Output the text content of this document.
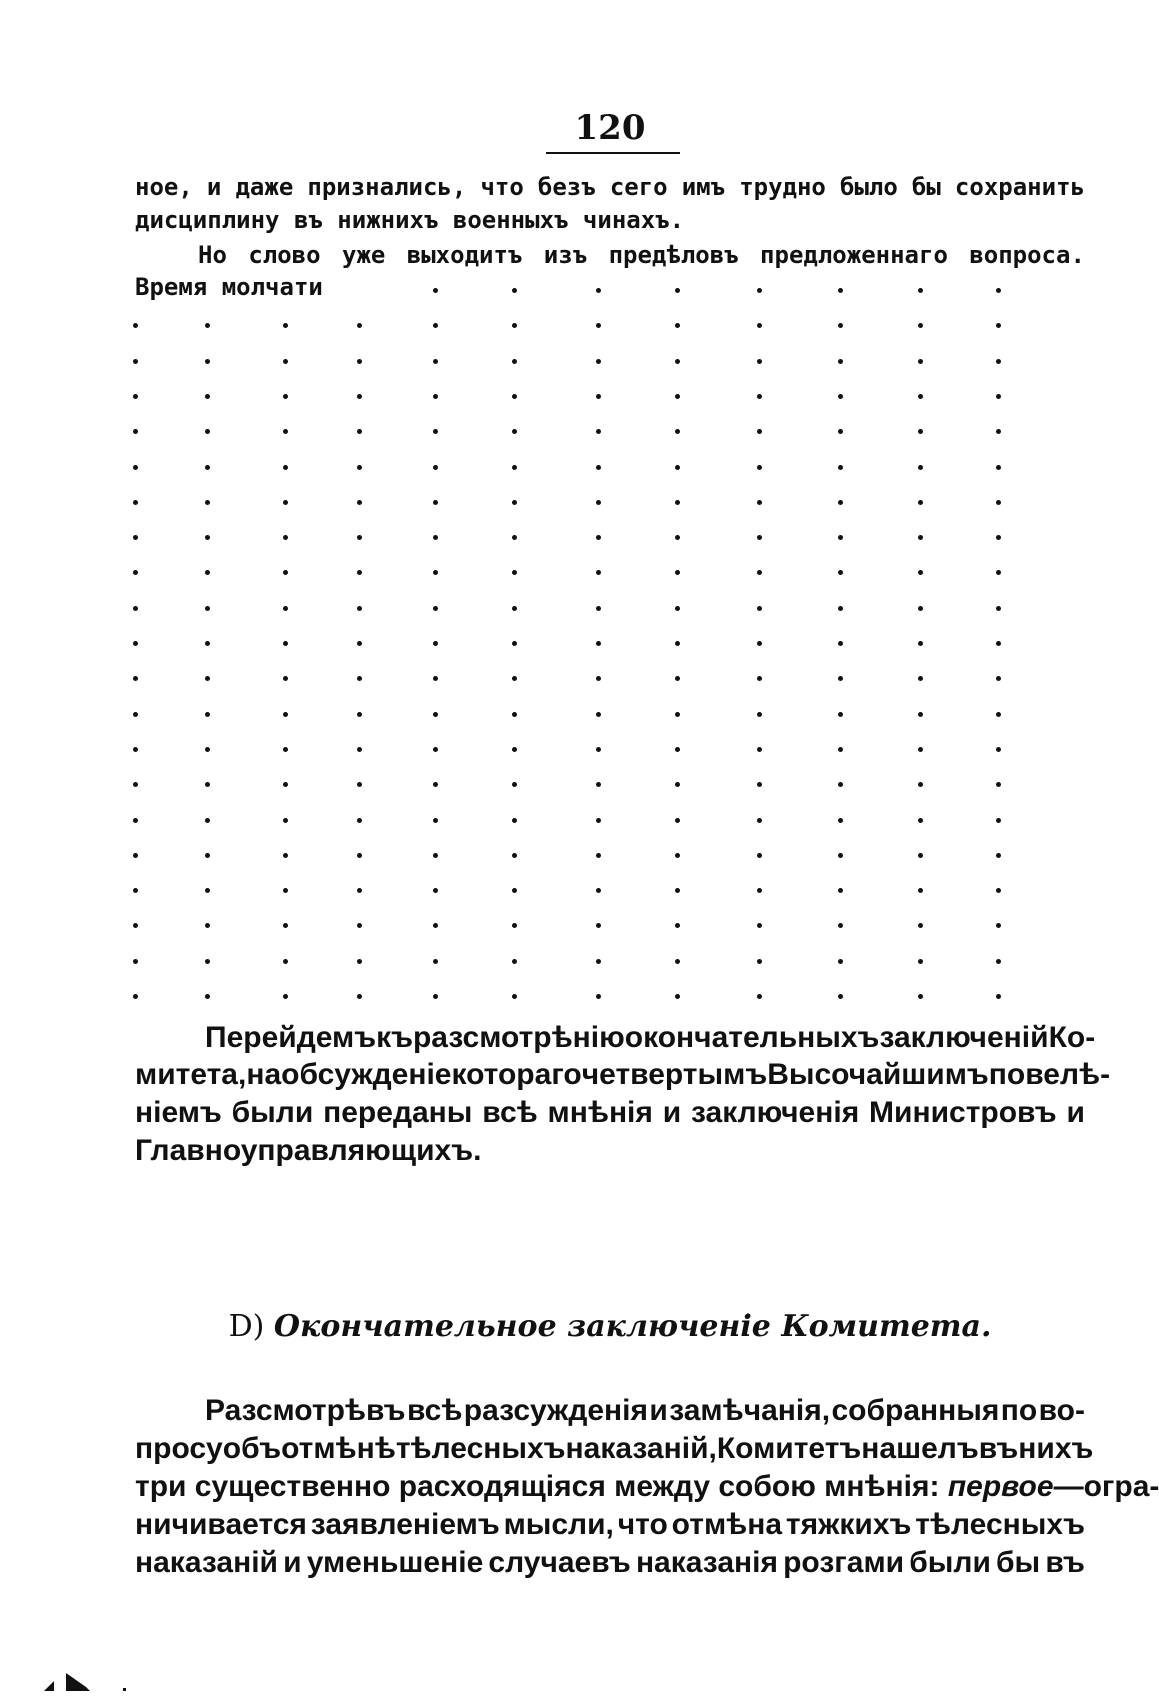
120
ное, и даже признались, что безъ сего имъ трудно было бы сохранить
дисциплину въ нижнихъ военныхъ чинахъ.
Но слово уже выходитъ изъ предѣловъ предложеннаго вопроса.
Время молчати
Перейдемъ къ разсмотрѣнію окончательныхъ заключеній Ко-
митета, на обсужденіе котораго четвертымъ Высочайшимъ повелѣ-
ніемъ были переданы всѣ мнѣнія и заключенія Министровъ и
Главноуправляющихъ.
D) Окончательное заключеніе Комитета.
Разсмотрѣвъ всѣ разсужденія и замѣчанія, собранныя по во-
просу объ отмѣнѣ тѣлесныхъ наказаній, Комитетъ нашелъ въ нихъ
три существенно расходящіяся между собою мнѣнія: первое—огра-
ничивается заявленіемъ мысли, что отмѣна тяжкихъ тѣлесныхъ
наказаній и уменьшеніе случаевъ наказанія розгами были бы въ
